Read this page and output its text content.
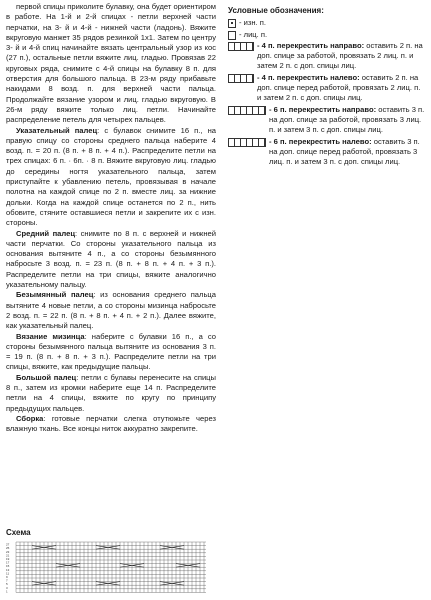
первой спицы приколите булавку, она будет ориентиром в работе. На 1-й и 2-й спицах - петли верхней части перчатки, на 3- й и 4-й - нижней части (ладонь). Вяжите вкруговую манжет 35 рядов резинкой 1х1. Затем по центру 3- й и 4-й спиц начинайте вязать центральный узор из кос (27 п.), остальные петли вяжите лиц. гладью. Провязав 22 круговых ряда, снимите с 4-й спицы на булавку 8 п. для отверстия для большого пальца. В 23-м ряду прибавьте накидами 8 возд. п. для верхней части пальца. Продолжайте вязание узором и лиц. гладью вкруговую. В 26-м ряду вяжите только лиц. петли. Начинайте распределение петель для четырех пальцев.

Указательный палец: с булавок снимите 16 п., на правую спицу со стороны среднего пальца наберите 4 возд. п. = 20 п. (8 п. + 8 п. + 4 п.). Распределите петли на трех спицах: 6 п. · 6п. · 8 п. Вяжите вкруговую лиц. гладью до середины ногтя указательного пальца, затем приступайте к убавлению петель, провязывая в начале полотна на каждой спице по 2 п. вместе лиц. за нижние дольки. Когда на каждой спице останется по 2 п., нить обовите, стяните оставшиеся петли и закрепите их с изн. стороны.

Средний палец: снимите по 8 п. с верхней и нижней части перчатки. Со стороны указательного пальца из основания вытяните 4 п., а со стороны безымянного набросьте 3 возд. п. = 23 п. (8 п. + 8 п. + 4 п. + 3 п.). Распределите петли на три спицы, вяжите аналогично указательному пальцу.

Безымянный палец: из основания среднего пальца вытяните 4 новые петли, а со стороны мизинца набросьте 2 возд. п. = 22 п. (8 п. + 8 п. + 4 п. + 2 п.). Далее вяжите, как указательный палец.

Вязание мизинца: наберите с булавки 16 п., а со стороны безымянного пальца вытяните из основания 3 п. = 19 п. (8 п. + 8 п. + 3 п.). Распределите петли на три спицы, вяжите, как предыдущие пальцы.

Большой палец: петли с булавы перенесите на спицы 8 п., затем из кромки наберите еще 14 п. Распределите петли на 4 спицы, вяжите по кругу по принципу предыдущих пальцев.

Сборка: готовые перчатки слегка отутюжьте через влажную ткань. Все концы ниток аккуратно закрепите.

Условные обозначения:
- изн. п.
- лиц. п.
- 4 п. перекрестить направо: оставить 2 п. на доп. спице за работой, провязать 2 лиц. п. и затем 2 п. с доп. спицы лиц.
- 4 п. перекрестить налево: оставить 2 п. на доп. спице перед работой, провязать 2 лиц. п. и затем 2 п. с доп. спицы лиц.
- 6 п. перекрестить направо: оставить 3 п. на доп. спице за работой, провязать 3 лиц. п. и затем 3 п. с доп. спицы лиц.
- 6 п. перекрестить налево: оставить 3 п. на доп. спице перед работой, провязать 3 лиц. п. и затем 3 п. с доп. спицы лиц.
Схема
27
25
23
21
19
17
15
13
11
9
7
5
3
1
